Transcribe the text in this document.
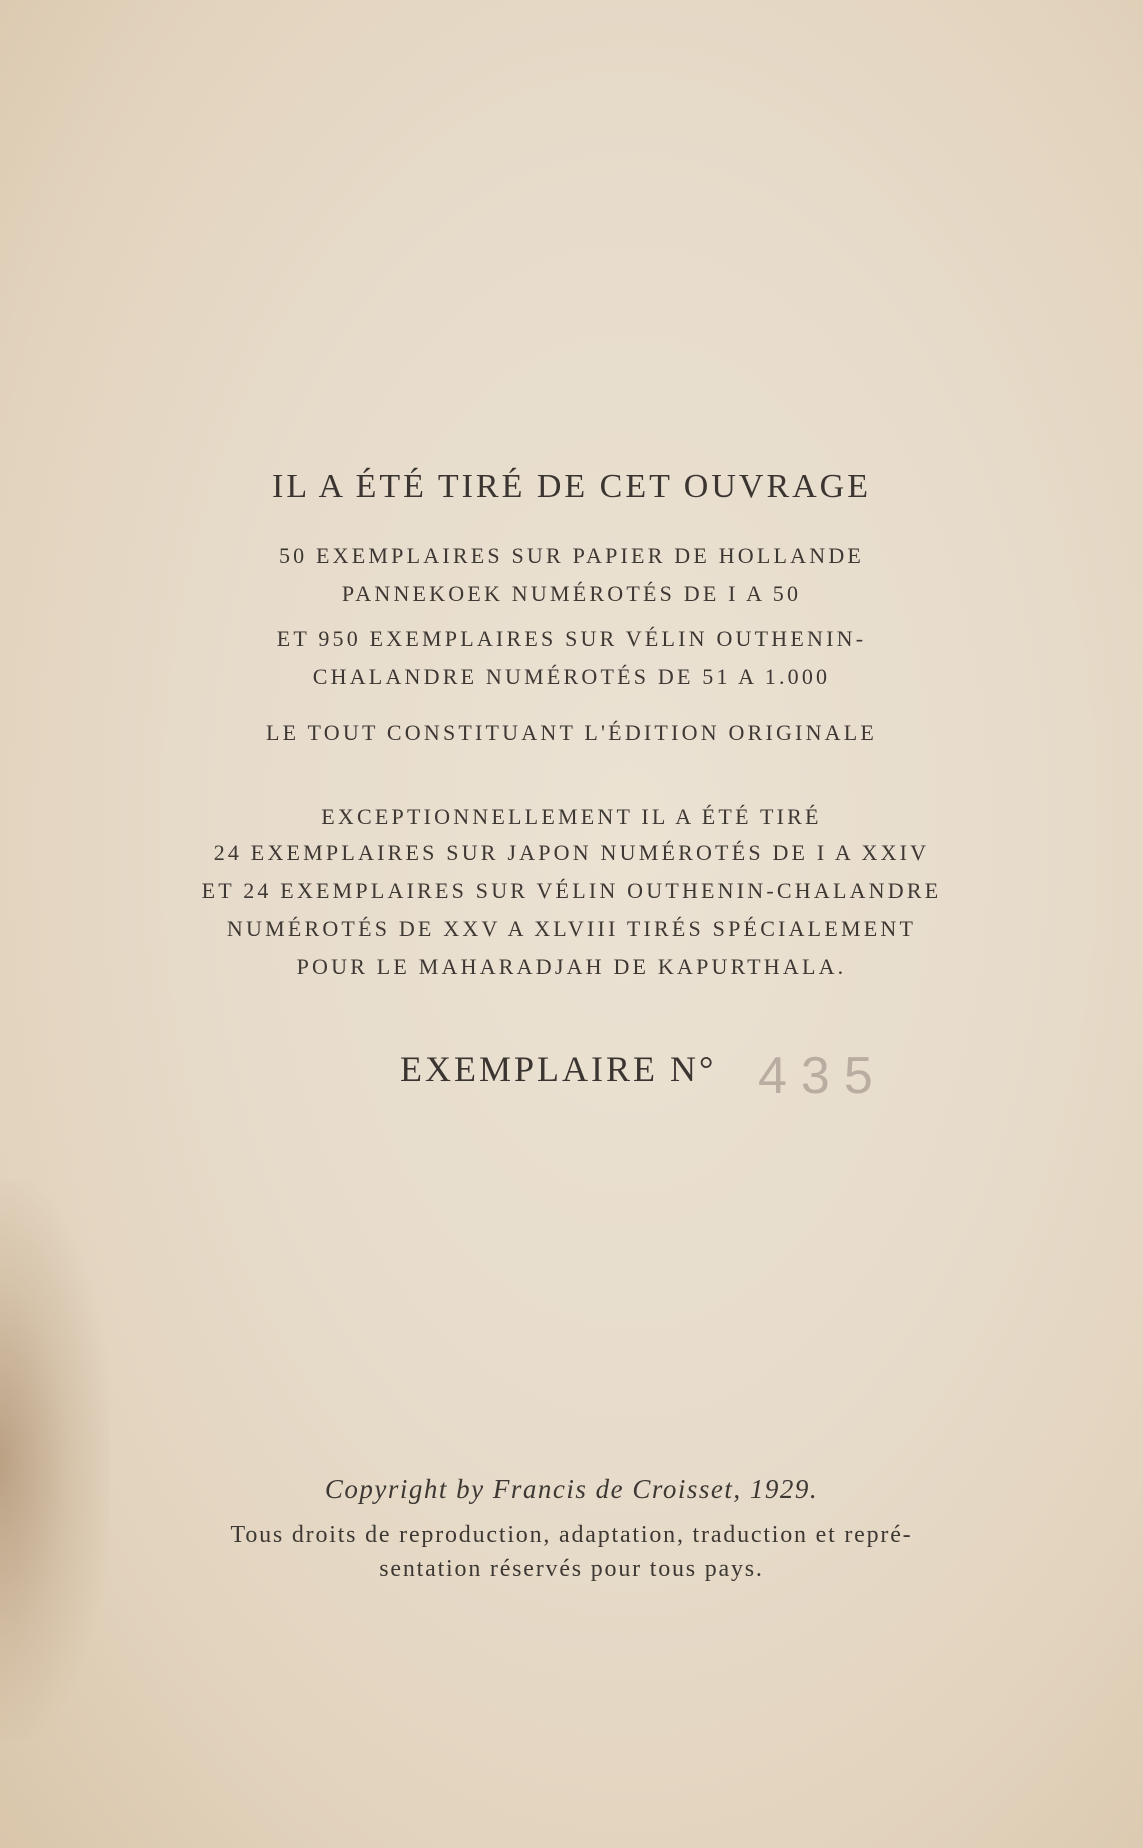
IL A ÉTÉ TIRÉ DE CET OUVRAGE
50 EXEMPLAIRES SUR PAPIER DE HOLLANDE
PANNEKOEK NUMÉROTÉS DE I A 50
ET 950 EXEMPLAIRES SUR VÉLIN OUTHENIN-
CHALANDRE NUMÉROTÉS DE 51 A 1.000
LE TOUT CONSTITUANT L'ÉDITION ORIGINALE
EXCEPTIONNELLEMENT IL A ÉTÉ TIRÉ
24 EXEMPLAIRES SUR JAPON NUMÉROTÉS DE I A XXIV
ET 24 EXEMPLAIRES SUR VÉLIN OUTHENIN-CHALANDRE
NUMÉROTÉS DE XXV A XLVIII TIRÉS SPÉCIALEMENT
POUR LE MAHARADJAH DE KAPURTHALA.
EXEMPLAIRE N° 435
Copyright by Francis de Croisset, 1929.
Tous droits de reproduction, adaptation, traduction et repré-
sentation réservés pour tous pays.
